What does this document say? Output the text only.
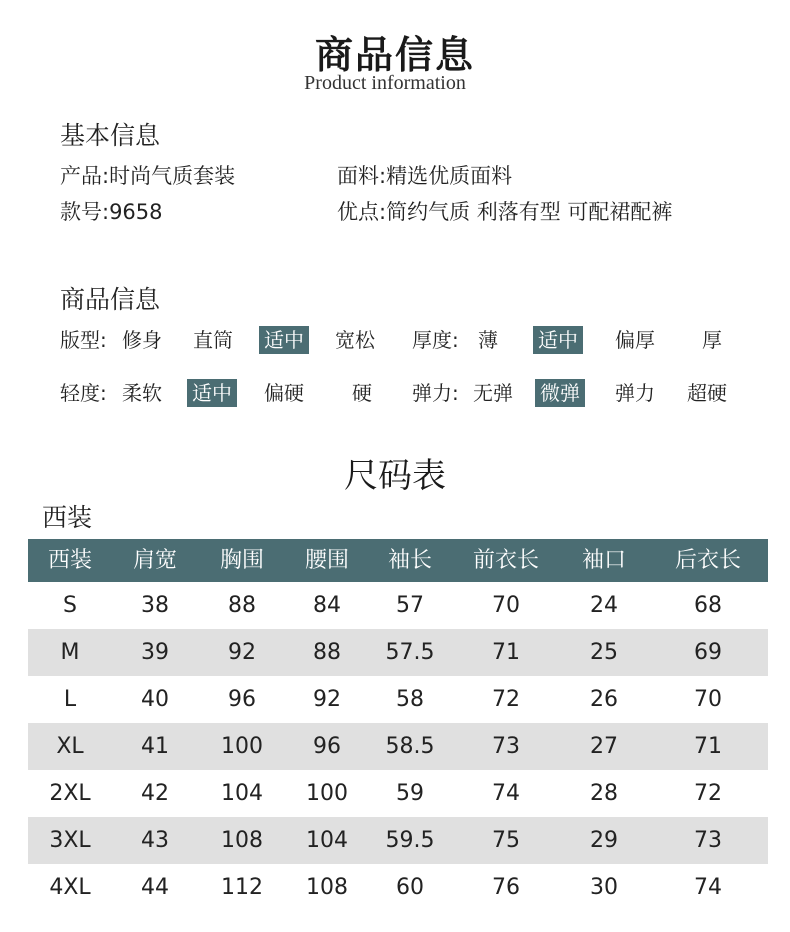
商品信息
Product information
基本信息
产品:时尚气质套装	面料:精选优质面料
款号:9658	优点:简约气质 利落有型 可配裙配裤
商品信息
版型: 修身 直筒 适中 宽松 厚度: 薄 适中 偏厚 厚
轻度: 柔软 适中 偏硬 硬 弹力: 无弹 微弹 弹力 超硬
尺码表
西装
西装	肩宽	胸围	腰围	袖长	前衣长	袖口	后衣长
S	38	88	84	57	70	24	68
M	39	92	88	57.5	71	25	69
L	40	96	92	58	72	26	70
XL	41	100	96	58.5	73	27	71
2XL	42	104	100	59	74	28	72
3XL	43	108	104	59.5	75	29	73
4XL	44	112	108	60	76	30	74
